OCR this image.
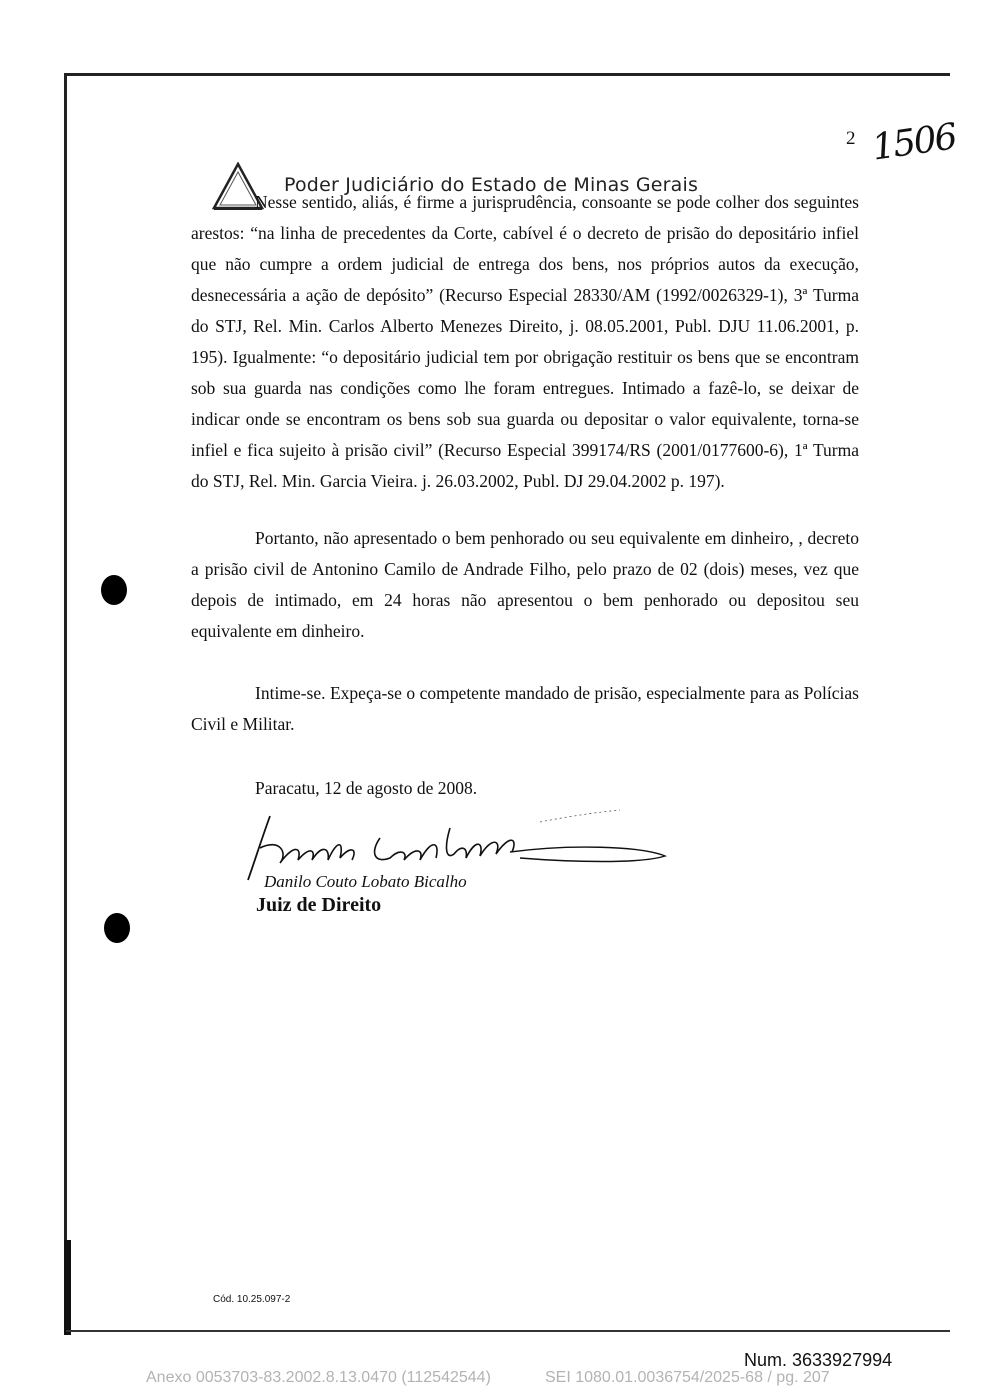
2 1506
Poder Judiciário do Estado de Minas Gerais
Nesse sentido, aliás, é firme a jurisprudência, consoante se pode colher dos seguintes arestos: “na linha de precedentes da Corte, cabível é o decreto de prisão do depositário infiel que não cumpre a ordem judicial de entrega dos bens, nos próprios autos da execução, desnecessária a ação de depósito” (Recurso Especial 28330/AM (1992/0026329-1), 3ª Turma do STJ, Rel. Min. Carlos Alberto Menezes Direito, j. 08.05.2001, Publ. DJU 11.06.2001, p. 195). Igualmente: “o depositário judicial tem por obrigação restituir os bens que se encontram sob sua guarda nas condições como lhe foram entregues. Intimado a fazê-lo, se deixar de indicar onde se encontram os bens sob sua guarda ou depositar o valor equivalente, torna-se infiel e fica sujeito à prisão civil” (Recurso Especial 399174/RS (2001/0177600-6), 1ª Turma do STJ, Rel. Min. Garcia Vieira. j. 26.03.2002, Publ. DJ 29.04.2002 p. 197).
Portanto, não apresentado o bem penhorado ou seu equivalente em dinheiro, , decreto a prisão civil de Antonino Camilo de Andrade Filho, pelo prazo de 02 (dois) meses, vez que depois de intimado, em 24 horas não apresentou o bem penhorado ou depositou seu equivalente em dinheiro.
Intime-se. Expeça-se o competente mandado de prisão, especialmente para as Polícias Civil e Militar.
Paracatu, 12 de agosto de 2008.
Danilo Couto Lobato Bicalho
Juiz de Direito
Cód. 10.25.097-2
Num. 3633927994
Anexo 0053703-83.2002.8.13.0470 (112542544)	SEI 1080.01.0036754/2025-68 / pg. 207
